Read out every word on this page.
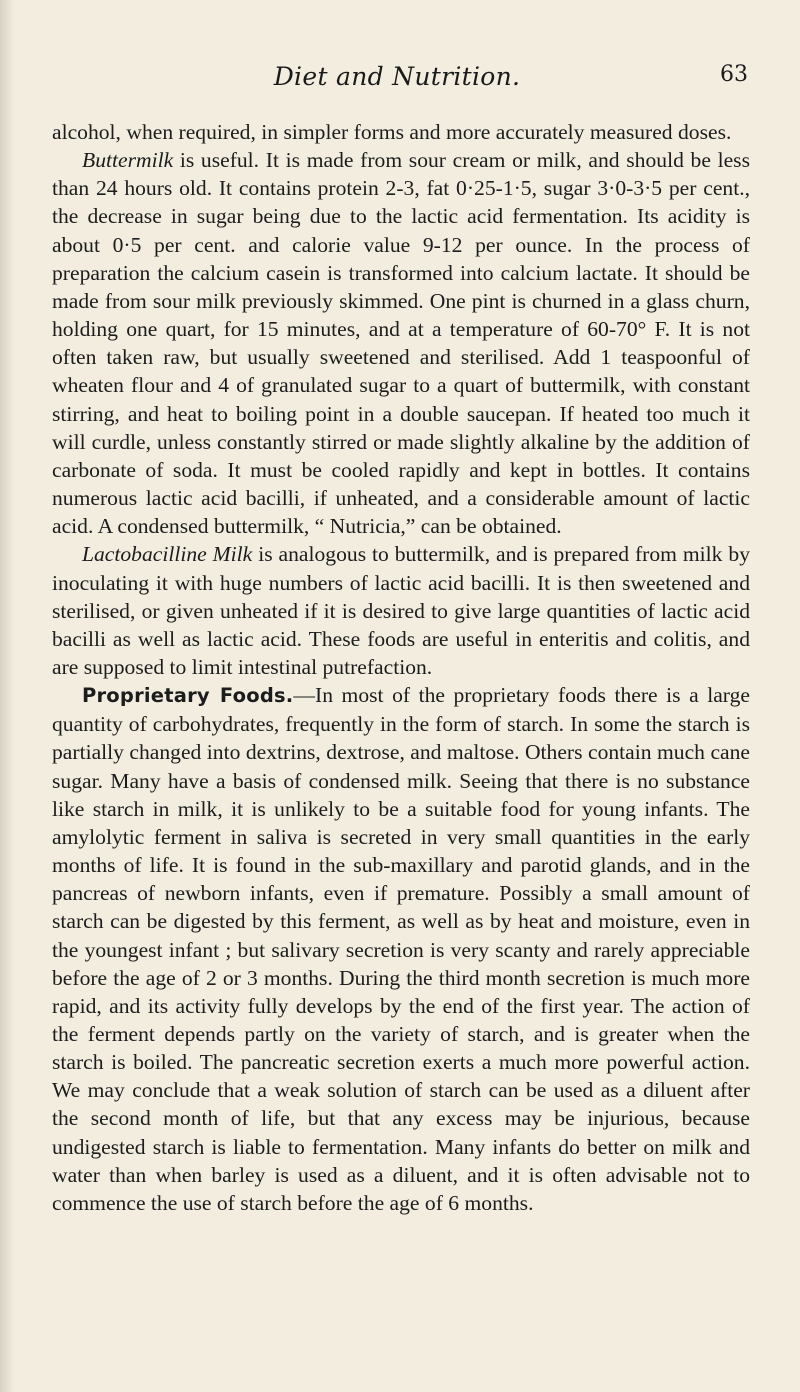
Diet and Nutrition.	63

alcohol, when required, in simpler forms and more accurately measured doses.

Buttermilk is useful. It is made from sour cream or milk, and should be less than 24 hours old. It contains protein 2-3, fat 0·25-1·5, sugar 3·0-3·5 per cent., the decrease in sugar being due to the lactic acid fermentation. Its acidity is about 0·5 per cent. and calorie value 9-12 per ounce. In the process of preparation the calcium casein is transformed into calcium lactate. It should be made from sour milk previously skimmed. One pint is churned in a glass churn, holding one quart, for 15 minutes, and at a temperature of 60-70° F. It is not often taken raw, but usually sweetened and sterilised. Add 1 teaspoonful of wheaten flour and 4 of granulated sugar to a quart of buttermilk, with constant stirring, and heat to boiling point in a double saucepan. If heated too much it will curdle, unless constantly stirred or made slightly alkaline by the addition of carbonate of soda. It must be cooled rapidly and kept in bottles. It contains numerous lactic acid bacilli, if unheated, and a considerable amount of lactic acid. A condensed buttermilk, “ Nutricia,” can be obtained.

Lactobacilline Milk is analogous to buttermilk, and is prepared from milk by inoculating it with huge numbers of lactic acid bacilli. It is then sweetened and sterilised, or given unheated if it is desired to give large quantities of lactic acid bacilli as well as lactic acid. These foods are useful in enteritis and colitis, and are supposed to limit intestinal putrefaction.

Proprietary Foods.—In most of the proprietary foods there is a large quantity of carbohydrates, frequently in the form of starch. In some the starch is partially changed into dextrins, dextrose, and maltose. Others contain much cane sugar. Many have a basis of condensed milk. Seeing that there is no substance like starch in milk, it is unlikely to be a suitable food for young infants. The amylolytic ferment in saliva is secreted in very small quantities in the early months of life. It is found in the sub-maxillary and parotid glands, and in the pancreas of newborn infants, even if premature. Possibly a small amount of starch can be digested by this ferment, as well as by heat and moisture, even in the youngest infant ; but salivary secretion is very scanty and rarely appreciable before the age of 2 or 3 months. During the third month secretion is much more rapid, and its activity fully develops by the end of the first year. The action of the ferment depends partly on the variety of starch, and is greater when the starch is boiled. The pancreatic secretion exerts a much more powerful action. We may conclude that a weak solution of starch can be used as a diluent after the second month of life, but that any excess may be injurious, because undigested starch is liable to fermentation. Many infants do better on milk and water than when barley is used as a diluent, and it is often advisable not to commence the use of starch before the age of 6 months.
